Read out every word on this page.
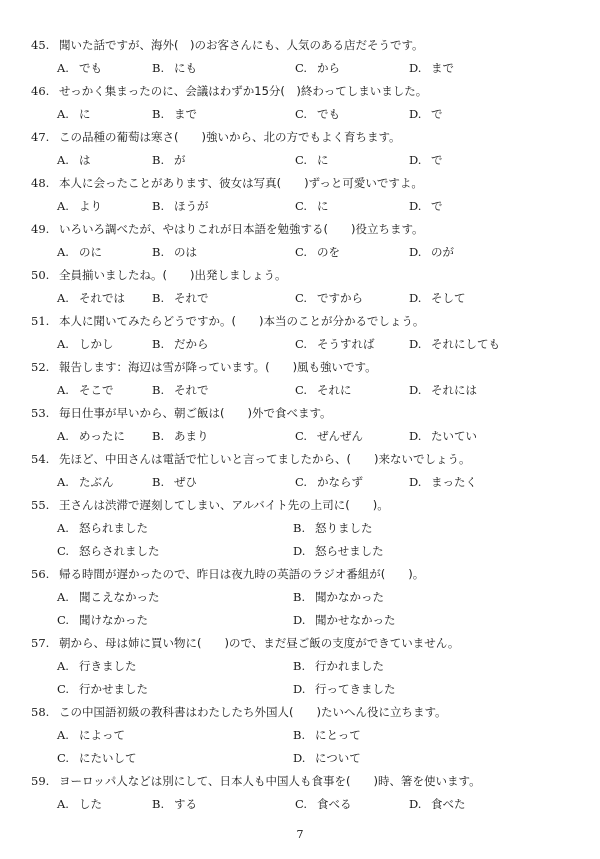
45. 聞いた話ですが、海外(　)のお客さんにも、人気のある店だそうです。
A. でも	B. にも	C. から	D. まで
46. せっかく集まったのに、会議はわずか15分(　)終わってしまいました。
A. に	B. まで	C. でも	D. で
47. この品種の葡萄は寒さ(　　)強いから、北の方でもよく育ちます。
A. は	B. が	C. に	D. で
48. 本人に会ったことがあります、彼女は写真(　　)ずっと可愛いですよ。
A. より	B. ほうが	C. に	D. で
49. いろいろ調べたが、やはりこれが日本語を勉強する(　　)役立ちます。
A. のに	B. のは	C. のを	D. のが
50. 全員揃いましたね。(　　)出発しましょう。
A. それでは B. それで	C. ですから	D. そして
51. 本人に聞いてみたらどうですか。(　　)本当のことが分かるでしょう。
A. しかし	B. だから	C. そうすれば	D. それにしても
52. 報告します：海辺は雪が降っています。(　　)風も強いです。
A. そこで	B. それで	C. それに	D. それには
53. 毎日仕事が早いから、朝ご飯は(　　)外で食べます。
A. めったに B. あまり	C. ぜんぜん	D. たいてい
54. 先ほど、中田さんは電話で忙しいと言ってましたから、(　　)来ないでしょう。
A. たぶん	B. ぜひ	C. かならず	D. まったく
55. 王さんは渋滞で遅刻してしまい、アルバイト先の上司に(　　)。
A. 怒られました	B. 怒りました
C. 怒らされました	D. 怒らせました
56. 帰る時間が遅かったので、昨日は夜九時の英語のラジオ番組が(　　)。
A. 聞こえなかった	B. 聞かなかった
C. 聞けなかった	D. 聞かせなかった
57. 朝から、母は姉に買い物に(　　)ので、まだ昼ご飯の支度ができていません。
A. 行きました	B. 行かれました
C. 行かせました	D. 行ってきました
58. この中国語初級の教科書はわたしたち外国人(　　)たいへん役に立ちます。
A. によって	B. にとって
C. にたいして	D. について
59. ヨーロッパ人などは別にして、日本人も中国人も食事を(　　)時、箸を使います。
A. した	B. する	C. 食べる	D. 食べた
7
